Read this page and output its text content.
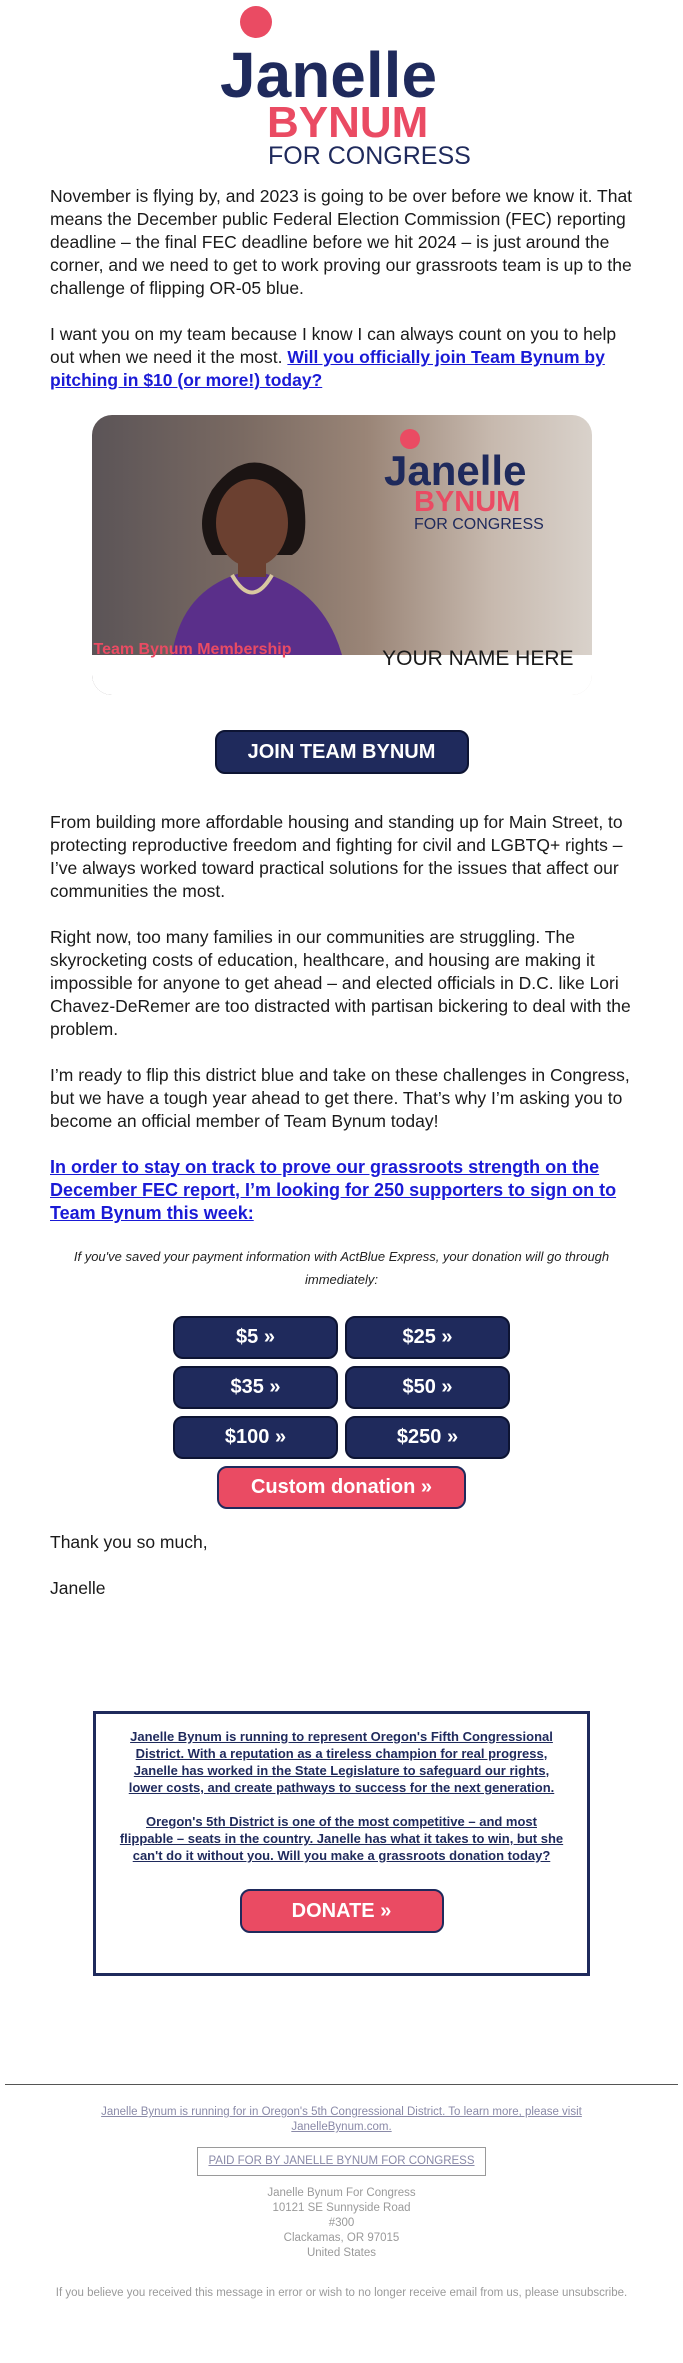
Janelle
BYNUM
FOR CONGRESS

November is flying by, and 2023 is going to be over before we know it. That means the December public Federal Election Commission (FEC) reporting deadline – the final FEC deadline before we hit 2024 – is just around the corner, and we need to get to work proving our grassroots team is up to the challenge of flipping OR-05 blue.

I want you on my team because I know I can always count on you to help out when we need it the most. Will you officially join Team Bynum by pitching in $10 (or more!) today?

Janelle
BYNUM
FOR CONGRESS
Team Bynum Membership	YOUR NAME HERE
JOIN TEAM BYNUM

From building more affordable housing and standing up for Main Street, to protecting reproductive freedom and fighting for civil and LGBTQ+ rights – I’ve always worked toward practical solutions for the issues that affect our communities the most.

Right now, too many families in our communities are struggling. The skyrocketing costs of education, healthcare, and housing are making it impossible for anyone to get ahead – and elected officials in D.C. like Lori Chavez-DeRemer are too distracted with partisan bickering to deal with the problem.

I’m ready to flip this district blue and take on these challenges in Congress, but we have a tough year ahead to get there. That’s why I’m asking you to become an official member of Team Bynum today!

In order to stay on track to prove our grassroots strength on the December FEC report, I’m looking for 250 supporters to sign on to Team Bynum this week:

If you've saved your payment information with ActBlue Express, your donation will go through immediately:

$5 »	$25 »
$35 »	$50 »
$100 »	$250 »
Custom donation »

Thank you so much,

Janelle

Janelle Bynum is running to represent Oregon's Fifth Congressional District. With a reputation as a tireless champion for real progress, Janelle has worked in the State Legislature to safeguard our rights, lower costs, and create pathways to success for the next generation.

Oregon's 5th District is one of the most competitive – and most flippable – seats in the country. Janelle has what it takes to win, but she can't do it without you. Will you make a grassroots donation today?

DONATE »
Janelle Bynum is running for in Oregon's 5th Congressional District. To learn more, please visit JanelleBynum.com.
PAID FOR BY JANELLE BYNUM FOR CONGRESS
Janelle Bynum For Congress
10121 SE Sunnyside Road
#300
Clackamas, OR 97015
United States
If you believe you received this message in error or wish to no longer receive email from us, please unsubscribe.
